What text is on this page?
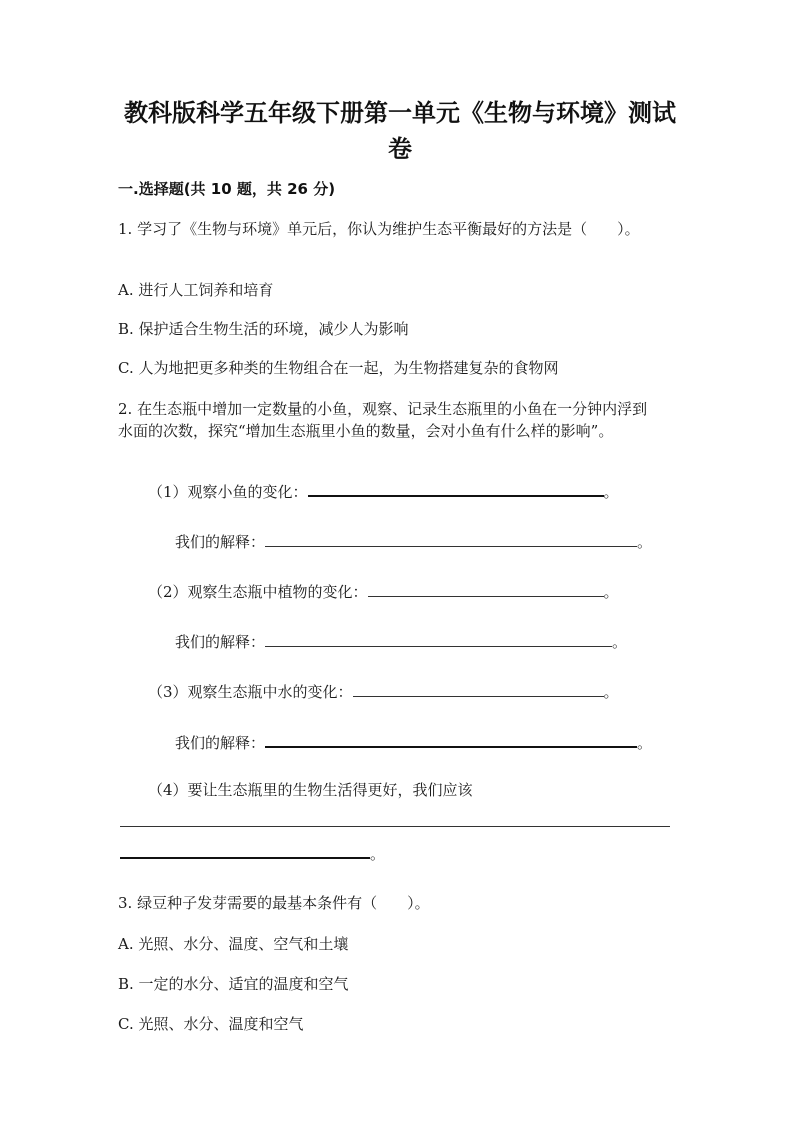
教科版科学五年级下册第一单元《生物与环境》测试卷
一.选择题(共 10 题，共 26 分)
1. 学习了《生物与环境》单元后，你认为维护生态平衡最好的方法是（　　）。
A. 进行人工饲养和培育
B. 保护适合生物生活的环境，减少人为影响
C. 人为地把更多种类的生物组合在一起，为生物搭建复杂的食物网
2. 在生态瓶中增加一定数量的小鱼，观察、记录生态瓶里的小鱼在一分钟内浮到水面的次数，探究“增加生态瓶里小鱼的数量，会对小鱼有什么样的影响”。
（1）观察小鱼的变化：	。
我们的解释：	。
（2）观察生态瓶中植物的变化：	。
我们的解释：	。
（3）观察生态瓶中水的变化：	。
我们的解释：	。
（4）要让生态瓶里的生物生活得更好，我们应该
。
3. 绿豆种子发芽需要的最基本条件有（　　）。
A. 光照、水分、温度、空气和土壤
B. 一定的水分、适宜的温度和空气
C. 光照、水分、温度和空气
